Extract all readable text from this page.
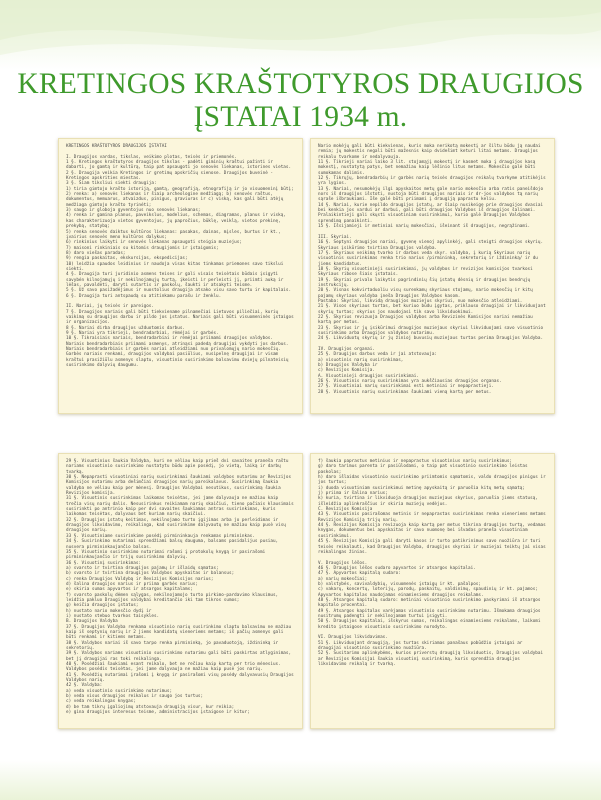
KRETINGOS KRAŠTOTYROS DRAUGIJOS
ĮSTATAI 1934 m.

KRETINGOS KRAŠTOTYROS DRAUGIJOS ĮSTATAI

I. Draugijos vardas, tikslas, veikimo plotas, teisės ir priemonės.

1 §. Kretingos kraštotyros draugijos tikslas - padėti giminių kraštui pažinti ir dabarti, jo gamtą ir kultūrą, taip pat apsaugoti jo senovės liekanas, istorines vietas.

2 §. Draugija veikia Kretingos ir gretimų apskričių sienose. Draugijos buveinė - Kretingos apskrities miestas.

3 §. Šiam tiksliui siekti draugija:

1) tiria gimtojo krašto istoriją, gamtą, geografiją, etnografiją ir jo visuomeninį būtį;

2) renka: a) senovės liekanas ir šiaip archeologine medžiagą; b) senovės raštus, dokumentus, memuarus, atvaizdus, pinigus, graviuras ir c) viską, kas gali būti atėjų medžiaga gimtojo krašto tyrinėti;

3) saugo ir globoja gyventojus nuo senovės liekanas;

4) renka ir gamina planus, paveikslus, modelius, schemas, diagramas, planus ir viską, kas charakterizuoja vietos gyventojus, jų papročius, būklę, veiklą, vietos prekinę, prekybą, statybą;

5) renka senovės daiktus kultūros liekanas: pasakas, dainas, mįsles, burtus ir kt., įvairius senovės meno kultūros dalykus;

6) rinkinius laikyti ir senovės liekanas apsaugoti steigia muziejus;

7) maisoni rinkiniais su kitomis draugijomis ir įstaigomis;

8) daro viešas paradas;

9) rengia paskaitas, ekskursijas, ekspedicijas;

10) leidžia spaudos leidinius ir naudoja visas kitas tinkamas priemones savo tikslui siekti.

4 §. Draugija turi juridinio asmens teises ir gali visais teisėtais būdais įsigyti savybėn kilnojamųjų ir nekilnojamųjų turtą, įkeisti ir perleisti jį, priimti auką ir lėšas, pavaldėti, daryti sutartis ir paskolų, šaukti ir atsakyti teisme.

5 §. Už savo pasižadėjimus ir nuostolius draugija atsako visu savo turtu ir kapitalais.

6 §. Draugija turi antspaudą su atitinkamu parašu ir ženklu.

II. Nariai, jų teisės ir pareigos.

7 §. Draugijos nariais gali būti tiekviename pilnamečiai Lietuvos piliečiai, kurių vaikimą su draugijos darbu ir pildo jos įstatus. Nariais gali būti visuomeninės įstaigos ir organizacijos.

8 §. Nariai dirba draugijos užduotomis darbus.

9 §. Nariai yra tikrieji, bendradarbiai, rėmėjai ir garbės.

10 §. Tikraisiais nariais, bendradarbiai ir rėmėjai priimami draugijos valdybos.

Nariais bendradarbiais priimami asmenys, atrinąsi padedą draugijai vykdyti jos darbus.

Nariais bendradarbiais ir garbės nariai atleidžiami nuo privalomųjų nario mokesčių.

Garbės nariais renkami, draugijos valdybai pasiūlius, nusipelnę draugijai ir visam kraštui prasižiūlu asmenys slaptu, visuotinio susirinkimo balsavimu dviejų pilnateisių susirinkimo dalyvių daugumu.

Nario mokėjų gali būti kiekvienas, kuris moka nerikotą mokestį ar šiltu būdu ją naudai remia; jų mokestis negali būti mažesnis kaip dvidešimt keturi litai metams. Draugijos reikalu tvarkome ir nedalyvauja.

11 §. Tikrieji nariai laiko 3 lit. stojamąjį mokestį ir kasmet moka į draugijos kasą mokestį, nustatytą patys, bet nemažiau kaip lėšinio litus metams. Mokesčio galė būti sumokamas dalimis.

12 §. Tikrųjų, bendradarbių ir garbės narių teisės draugijos reikalų tvarkyme atitikėjis yra lygios.

13 §. Nariai, nesumokėjų ilgi apyskaitos metų gale nario mokesčio arba ratis paneišdojo nors iš draugijos išstoti, nustoja būti draugijos nariais ir dr-jos valdybos tą narių sąraše išbraukiami. Iše galė būti priimami į draugiją paprastu keliu.

14 §. Nariai, kurie nepildo draugijos įstatų, ar šiaip nusikeigę prie draugijos dvasiai bei kenkia jos vardui ar darbui, gali būti draugijos Valdybos iš draugijos šalinami. Pralaikintieji gali skųsti visuotiniam susirinkimui, kurio galė Draugijos Valdybos sprendimą panaikinti.

15 §. Išsijamieji ir metiniai narių mokesčiai, išeinant iš draugijos, negrąžinami.

III. Skyriai.

16 §. Septyni draugijos nariai, gyvenę vienoj apylinkėj, gali steigti draugijos skyrių. Skyriaus įsikūrimo tvirtina Draugijos valdyba.

17 §. Skyriaus veikimą tvarko ir darbus veda skyr. valdyba, į kurią Skyriaus narių visuotinis susirinkimas renka trio narius /pirmininką, sekretorių ir iždininką/ ir du jiems kandidatus.

18 §. Skyrių visuotinieji susirinkimai, jų valdybos ir revizijos komisijos tvarkosi Skyriaus ribose šiais įstatais.

19 §. Skyriai privalo laikytis pagrindinių šių įstatų dėsnių ir draugijos bendrųjų instrukcijų.

20 §. Visnas kokvirtaduoliu visų surenkamų skyriaus stojamų, nario mokesčių ir kitų pajamų skyriaus valdyba įneša Draugijos Valdybos kasom.

Pastaba: Skyriai, likvidą draugijos muziejus skyriui, nuo mokesčio atleidžiami.

21 §. Visos skyriaus turtas, bet kuriuo būdu įgytas, priklauso draugijai ir likviduojant skyrių turtas; skyrius jos naudojasi tik savo likviduokimui.

22 §. Skyrius revizuoja Draugijos valdybos arba Revizinės Komisijos nariai nemažiau kartą per metus.

23 §. Skyrius ir jų įsikūrimui draugijos muziejaus skyriui likviduojami savo visuotinio susirinkimo arba Draugijos valdybos nutarimu.

24 §. Likviduotų skyrių ir jų žinioj buvusių muziejaus turtas perima Draugijos Valdyba.

IV. Draugijos organai.

25 §. Draugijos darbus veda ir jai atstovauja:

a) visuotinis narių susirinkimas,

b) Draugijos Valdyba ir

c) Revizijos Komisija.

A. Visuotinieji draugijos susirinkimai.

26 §. Visuotinis narių susirinkimas yra aukščiausias draugijos organas.

27 §. Visuotiniai narių susirinkimai esti metiniai ir nepaprastieji.

28 §. Visuotinis narių susirinkimas šaukiami vieną kartą per metus.

29 §. Visuotinius šaukia Valdyba, kuri ne vėliau kaip prieš dvi savaites praneša raštu nariams visuotinio susirinkimo nustatytu būdu apie posėdį, jo vietą, laiką ir darbų tvarką.

30 §. Nepaprasti visuotiniai narių susirinkimai šaukiami valdybos nutarimu ar Revizijos Komisijos nutarimu arba dešimčiai draugijos narių pareikalavus. Susirinkimą šaukia valdyba ne vėliau kaip per mėnesį. Draugijos Valdybai nesutikus, susirinkimą šaukia Revizijos komisija.

31 §. Visuotinis susirinkimas laikomas teisėtas, jei jame dalyvauja ne mažiau kaip trečia visų narių dalis. Nesusirinkus reikiamam narių skaičiui, tieno pačiais klausimais susirinkti po antrinio kaip per dvi savaites šaukiamas antras susirinkimas, kuris laikomas teisėtas, dalyvaus bet kuriam narių skaičiui.

32 §. Draugijos įstatų keitimas, nekilnojamo turto įgijimas arba jo perleidimas ir draugijos likvidavimo, reikalinga, kad susirinkime dalyvautų ne mažiau kaip pusė visų draugijos narių.

33 §. Visuotiniame susirinkime posėdį pirmininkauja renkamas pirmininkas.

34 §. Susirinkimo nutarimai sprendžiami balsų dauguma, balsams pasidalijus pusiau, nusvera pirmininkaujančio balsas.

35 §. Visuotinio susirinkimo nutarimai rašomi į protokolų knygą ir pasirašomi pirmininkaujančio ir trijų susirinkimo dalyvių.

36 §. Visuotinį susirinkimas:

a) svarsto ir tvirtina draugijos pajamų ir išlaidų sąmatas;

b) svarsto ir tvirtina draugijos Valdybos apyskaitas ir balansus;

c) renka Draugijos Valdybą ir Revizijos Komisijos narius;

d) šalina draugijos narius ir priima garbės narius;

e) skiria sumas apyvartos ir atsargos kapitalams;

f) svarsto paskolų dėmen sąlygas, nekilnojamojo turto pirkimo-pardavimo klausimus, leidžia pakluo Draugijos valdybai kreditančio iki tam tikros sumos;

g) keičia draugijos įstatus;

h) nustato nario mokesčio dydį ir

i) nustato stebuo tvarkos taisykles.

B. Draugijos Valdyba

37 §. Draugijos Valdyba renkama visuotinio narių susirinkimo slaptu balsavimu ne mažiau kaip iš septynių narių ir 2 jiems kandidatų vieneriems metams; iš pačių asmenys gali būti renkami ir kitiems metams.

38 §. Valdybos nariai iš savo tarpo renka pirmininką, jo pavaduotoją, iždininką ir sekretorių.

39 §. Valdybos nariams visuotinio susirinkimo nutarimu gali būti paskirtas atlyginimas, bet jį draugijai ras toki reikalinga.

40 §. Posėdžiai šaukiami esant reikalo, bet ne rečiau kaip kartą per trio mėnesius. Valdybos posėdis teisėtas, jei jame dalyvauja ne mažiau kaip pusė jos narių.

41 §. Posėdžių nutarimai įrašomi į knygą ir pasirašomi visų posėdy dalyvavusių Draugijos Valdybos narių.

42 §. Valdyba:

a) veda visuotinio susirinkimo nutarimus;

b) veda visus draugijos reikalus ir saugo jos turtus;

c) veda reikalingas knygas;

d) be tam tikrų įgaliojimų atstovauja draugiją visur, kur reikia;

e) gina draugijos interesus teisme, administracijos įstaigose ir kitur;

f) šaukia paprastus metinius ir nepaprastus visuotinius narių susirinkimus;

g) daro tarimus parenta ir pasiūlodami, o taip pat visuotinio susirinkimo leistas paskolas;

h) daro išlaidas visuotinio susirinkimo priimtomis sąmatomis, valdo draugijos pinigus ir jos turtus;

i) duoda visuotiniam susirinkimui metinę apyskaitą ir paruošia kitų metų sąmatą;

j) priima ir šalina narius;

k) kuria, tvirtina ir likviduoja draugijos muziejaus skyrius, paruošia jiems statusą, išleidžia aplinkraščius ir skiria muziejų vedėjus.

C. Revizijos Komisija

43 §. Visuotinis pasirašomas metinis ir nepaprastas susirinkimas renka vieneriems metams Revizijos Komisiją trijų narių.

44 §. Revizijos Komisija revizuoja kaip kartą per metus tikrina draugijos turtą, vedamas knygas, dokumentus bei apyskaitas ir savo nuomonę bei išvadas praneša visuotiniam susirinkimui.

45 §. Revizijos Komisija gali daryti kasos ir turto patikrinimus savo nuožiūra ir turi teisės reikalauti, kad Draugijos Valdyba, draugijos skyriai ir muziejai teiktų jai visas reikalingas žinias.

V. Draugijos lėšos.

46 §. Draugijos lėšos sudaro apyvartos ir atsargos kapitalai.

47 §. Apyvartos kapitalą sudaro:

a) narių mokesčiai;

b) valstybės, savivaldybių, visuomenės įstaigų ir kt. pašalpos;

c) vakarų, koncertų, loterijų, parodų, paskaitų, valdinimų, spaudinių ir kt. pajamos;

Apyvartos kapitalas naudojamas einamiesiems draugijos reikalams.

48 §. Atsargos kapitalą sudaro: metiniai visuotinio susirinkimo paskyrimai iš atsargos kapitalo procentai.

49 §. Atsargos kapitalas varėjamas visuotinio susirinkimo nutarimu. Išmokama draugijos nusitrumų padengti ir nekilnojamam turtui įsigyti.

50 §. Draugijos kapitalai, išskyrus sumas, reikalingas einamiesiems reikalams, laikomi kredito įstaigose visuotinio susirinkimo nurodyto.

VI. Draugijos likvidavimas.

51 §. Likviduojant draugiją, jos turtas skiriamas panašaus pobūdžio įstaigai ar draugijai visuotinio susirinkimo nuožiūra.

52 §. Susitarimo aplinkybėms, kurios priverstų draugiją likviduotis, Draugijos valdybai ar Revizijos Komisijai šaukia visuotinį susirinkimą, kuris sprendžia draugijos likvidavimo reikalą ir tvarką.
